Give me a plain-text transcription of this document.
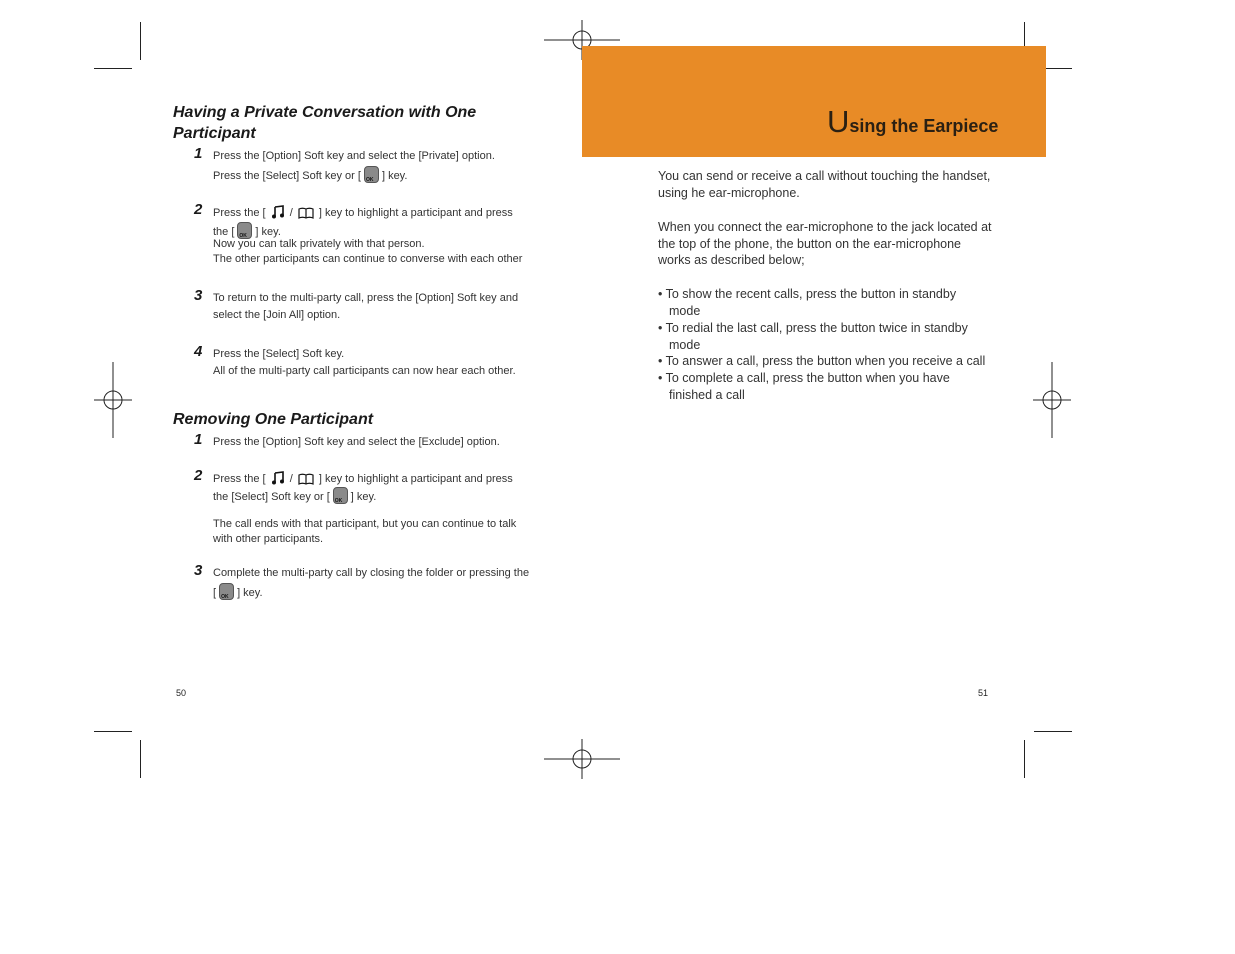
Having a Private Conversation with One
Participant
1 Press the [Option] Soft key and select the [Private] option.
Press the [Select] Soft key or [ OK ] key.
2 Press the [ / ] key to highlight a participant and press
the [ OK ] key.
Now you can talk privately with that person.
The other participants can continue to converse with each other
3 To return to the multi-party call, press the [Option] Soft key and
select the [Join All] option.
4 Press the [Select] Soft key.
All of the multi-party call participants can now hear each other.
Removing One Participant
1 Press the [Option] Soft key and select the [Exclude] option.
2 Press the [ / ] key to highlight a participant and press
the [Select] Soft key or [ OK ] key.
The call ends with that participant, but you can continue to talk
with other participants.
3 Complete the multi-party call by closing the folder or pressing the
[ OK ] key.
50
Using the Earpiece
You can send or receive a call without touching the handset,
using he ear-microphone.
When you connect the ear-microphone to the jack located at
the top of the phone, the button on the ear-microphone
works as described below;
• To show the recent calls, press the button in standby
mode
• To redial the last call, press the button twice in standby
mode
• To answer a call, press the button when you receive a call
• To complete a call, press the button when you have
finished a call
51
